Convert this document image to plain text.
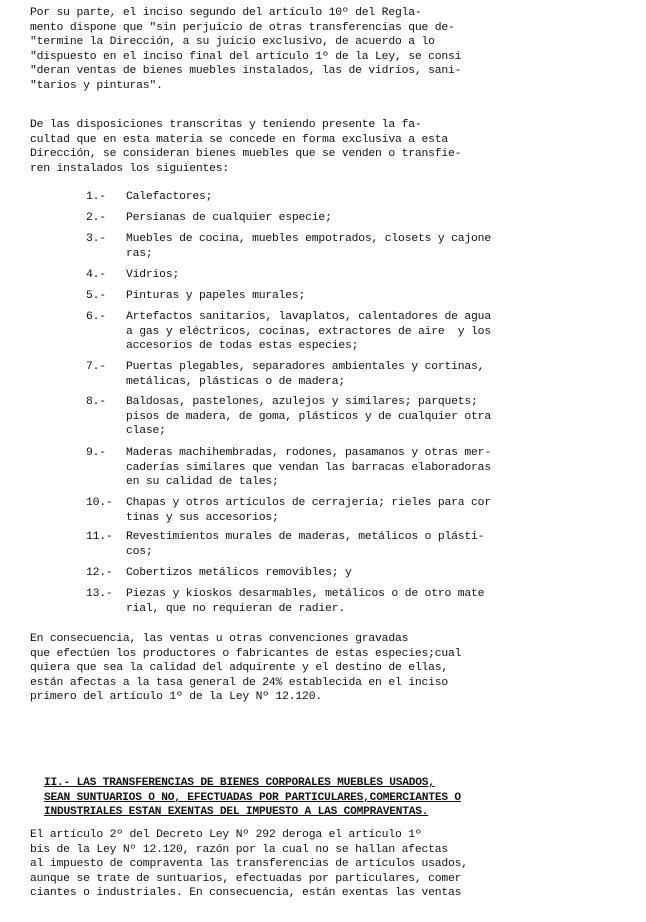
Por su parte, el inciso segundo del artículo 10º del Regla-
mento dispone que "sin perjuicio de otras transferencias que de-
"termine la Dirección, a su juicio exclusivo, de acuerdo a lo
"dispuesto en el inciso final del artículo 1º de la Ley, se consi
"deran ventas de bienes muebles instalados, las de vidrios, sani-
"tarios y pinturas".
De las disposiciones transcritas y teniendo presente la fa-
cultad que en esta materia se concede en forma exclusiva a esta
Dirección, se consideran bienes muebles que se venden o transfie-
ren instalados los siguientes:
1.-	Calefactores;
2.-	Persianas de cualquier especie;
3.-	Muebles de cocina, muebles empotrados, closets y cajone
ras;
4.-	Vidrios;
5.-	Pinturas y papeles murales;
6.-	Artefactos sanitarios, lavaplatos, calentadores de agua
a gas y eléctricos, cocinas, extractores de aire  y los
accesorios de todas estas especies;
7.-	Puertas plegables, separadores ambientales y cortinas,
metálicas, plásticas o de madera;
8.-	Baldosas, pastelones, azulejos y similares; parquets;
pisos de madera, de goma, plásticos y de cualquier otra
clase;
9.-	Maderas machihembradas, rodones, pasamanos y otras mer-
caderías similares que vendan las barracas elaboradoras
en su calidad de tales;
10.-	Chapas y otros artículos de cerrajería; rieles para cor
tinas y sus accesorios;
11.-	Revestimientos murales de maderas, metálicos o plásti-
cos;
12.-	Cobertizos metálicos removibles; y
13.-	Piezas y kioskos desarmables, metálicos o de otro mate
rial, que no requieran de radier.
En consecuencia, las ventas u otras convenciones gravadas
que efectúen los productores o fabricantes de estas especies;cual
quiera que sea la calidad del adquirente y el destino de ellas,
están afectas a la tasa general de 24% establecida en el inciso
primero del artículo 1º de la Ley Nº 12.120.
II.- LAS TRANSFERENCIAS DE BIENES CORPORALES MUEBLES USADOS,
SEAN SUNTUARIOS O NO, EFECTUADAS POR PARTICULARES,COMERCIANTES O
INDUSTRIALES ESTAN EXENTAS DEL IMPUESTO A LAS COMPRAVENTAS.
El artículo 2º del Decreto Ley Nº 292 deroga el artículo 1º
bis de la Ley Nº 12.120, razón por la cual no se hallan afectas
al impuesto de compraventa las transferencias de artículos usados,
aunque se trate de suntuarios, efectuadas por particulares, comer
ciantes o industriales. En consecuencia, están exentas las ventas
